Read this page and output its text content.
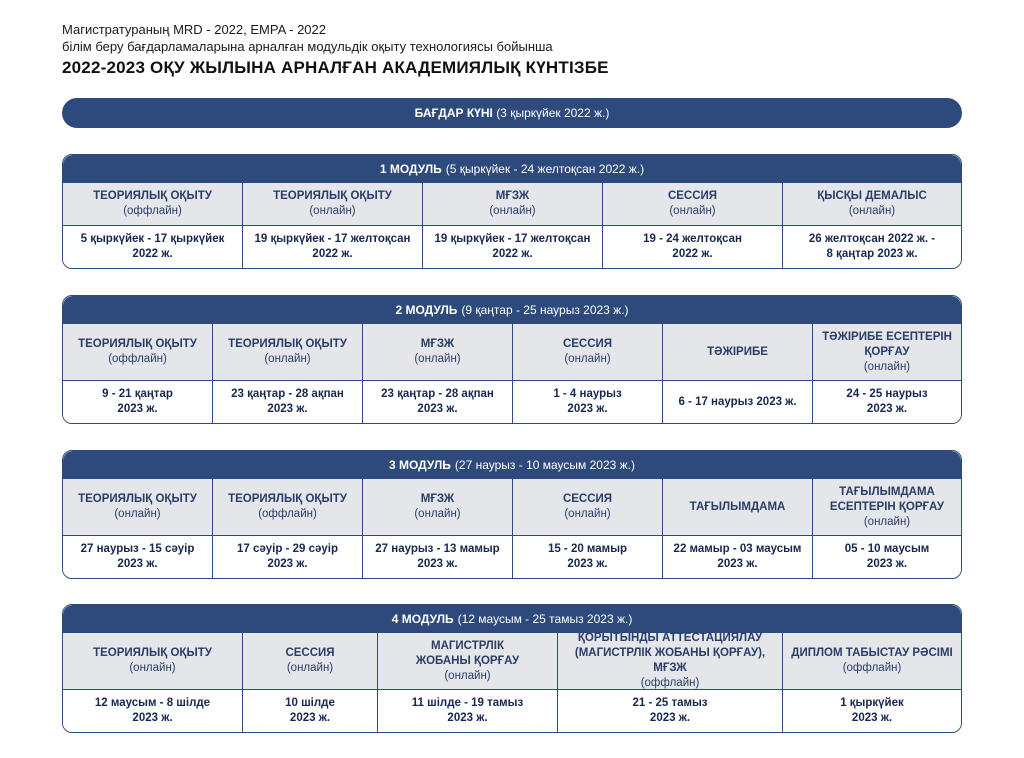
Магистратураның MRD - 2022, EMPA - 2022
білім беру бағдарламаларына арналған модульдік оқыту технологиясы бойынша
2022-2023 ОҚУ ЖЫЛЫНА АРНАЛҒАН АКАДЕМИЯЛЫҚ КҮНТІЗБЕ
БАҒДАР КҮНІ
(3 қыркүйек 2022 ж.)
1 МОДУЛЬ (5 қыркүйек - 24 желтоқсан 2022 ж.)
ТЕОРИЯЛЫҚ ОҚЫТУ
(оффлайн)
ТЕОРИЯЛЫҚ ОҚЫТУ
(онлайн)
МҒЗЖ
(онлайн)
СЕССИЯ
(онлайн)
ҚЫСҚЫ ДЕМАЛЫС
(онлайн)
5 қыркүйек - 17 қыркүйек
2022 ж.
19 қыркүйек - 17 желтоқсан
2022 ж.
19 қыркүйек - 17 желтоқсан
2022 ж.
19 - 24 желтоқсан
2022 ж.
26 желтоқсан 2022 ж. -
8 қаңтар 2023 ж.
2 МОДУЛЬ (9 қаңтар - 25 наурыз 2023 ж.)
ТЕОРИЯЛЫҚ ОҚЫТУ
(оффлайн)
ТЕОРИЯЛЫҚ ОҚЫТУ
(онлайн)
МҒЗЖ
(онлайн)
СЕССИЯ
(онлайн)
ТӘЖІРИБЕ
ТӘЖІРИБЕ ЕСЕПТЕРІН
ҚОРҒАУ
(онлайн)
9 - 21 қаңтар
2023 ж.
23 қаңтар - 28 ақпан
2023 ж.
23 қаңтар - 28 ақпан
2023 ж.
1 - 4 наурыз
2023 ж.
6 - 17 наурыз 2023 ж.
24 - 25 наурыз
2023 ж.
3 МОДУЛЬ (27 наурыз - 10 маусым 2023 ж.)
ТЕОРИЯЛЫҚ ОҚЫТУ
(онлайн)
ТЕОРИЯЛЫҚ ОҚЫТУ
(оффлайн)
МҒЗЖ
(онлайн)
СЕССИЯ
(онлайн)
ТАҒЫЛЫМДАМА
ТАҒЫЛЫМДАМА
ЕСЕПТЕРІН ҚОРҒАУ
(онлайн)
27 наурыз - 15 сәуір
2023 ж.
17 сәуір - 29 сәуір
2023 ж.
27 наурыз - 13 мамыр
2023 ж.
15 - 20 мамыр
2023 ж.
22 мамыр - 03 маусым
2023 ж.
05 - 10 маусым
2023 ж.
4 МОДУЛЬ (12 маусым - 25 тамыз 2023 ж.)
ТЕОРИЯЛЫҚ ОҚЫТУ
(онлайн)
СЕССИЯ
(онлайн)
МАГИСТРЛІК
ЖОБАНЫ ҚОРҒАУ
(онлайн)
ҚОРЫТЫНДЫ АТТЕСТАЦИЯЛАУ
(МАГИСТРЛІК ЖОБАНЫ ҚОРҒАУ),
МҒЗЖ
(оффлайн)
ДИПЛОМ ТАБЫСТАУ РӘСІМІ
(оффлайн)
12 маусым - 8 шілде
2023 ж.
10 шілде
2023 ж.
11 шілде - 19 тамыз
2023 ж.
21 - 25 тамыз
2023 ж.
1 қыркүйек
2023 ж.
